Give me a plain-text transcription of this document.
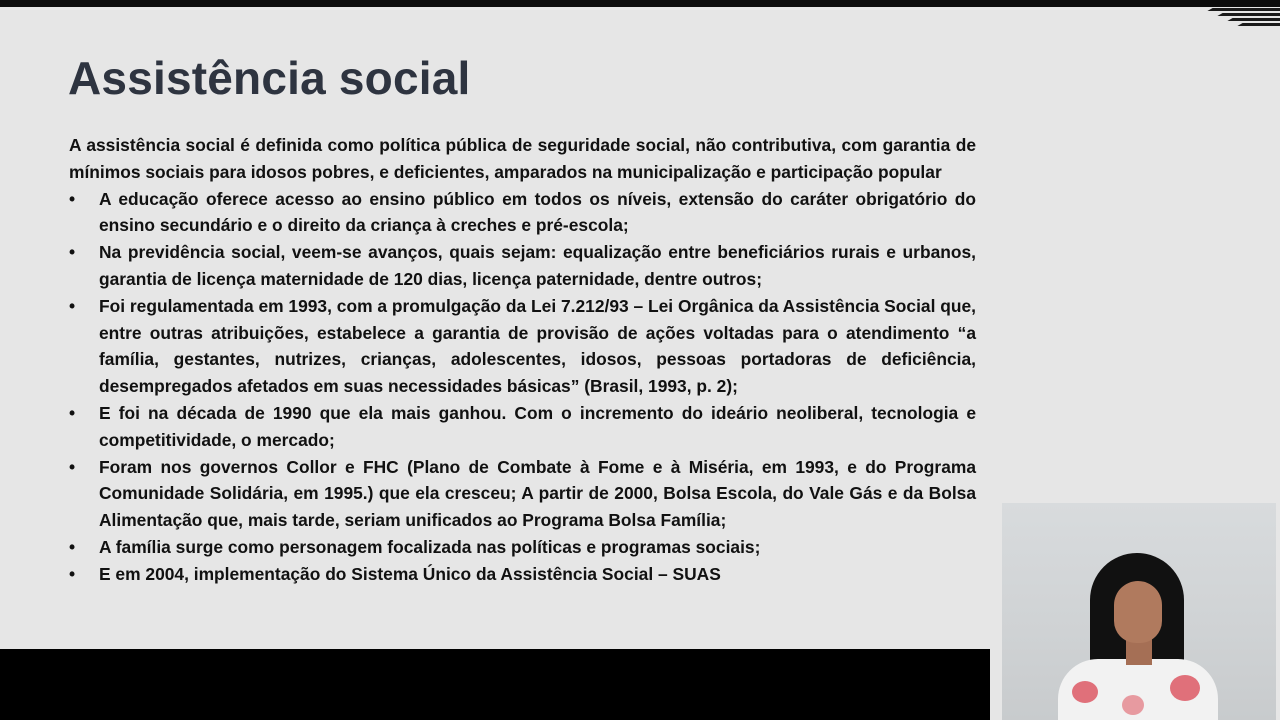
Assistência social

A assistência social é definida como política pública de seguridade social, não contributiva, com garantia de mínimos sociais para idosos pobres, e deficientes, amparados na municipalização e participação popular

•	A educação oferece acesso ao ensino público em todos os níveis, extensão do caráter obrigatório do ensino secundário e o direito da criança à creches e pré-escola;
•	Na previdência social, veem-se avanços, quais sejam: equalização entre beneficiários rurais e urbanos, garantia de licença maternidade de 120 dias, licença paternidade, dentre outros;
•	Foi regulamentada em 1993, com a promulgação da Lei 7.212/93 – Lei Orgânica da Assistência Social que, entre outras atribuições, estabelece a garantia de provisão de ações voltadas para o atendimento “a família, gestantes, nutrizes, crianças, adolescentes, idosos, pessoas portadoras de deficiência, desempregados afetados em suas necessidades básicas” (Brasil, 1993, p. 2);
•	E foi na década de 1990 que ela mais ganhou. Com o incremento do ideário neoliberal, tecnologia e competitividade, o mercado;
•	Foram nos governos Collor e FHC (Plano de Combate à Fome e à Miséria, em 1993, e do Programa Comunidade Solidária, em 1995.) que ela cresceu; A partir de 2000, Bolsa Escola, do Vale Gás e da Bolsa Alimentação que, mais tarde, seriam unificados ao Programa Bolsa Família;
•	A família surge como personagem focalizada nas políticas e programas sociais;
•	E em 2004, implementação do Sistema Único da Assistência Social – SUAS
